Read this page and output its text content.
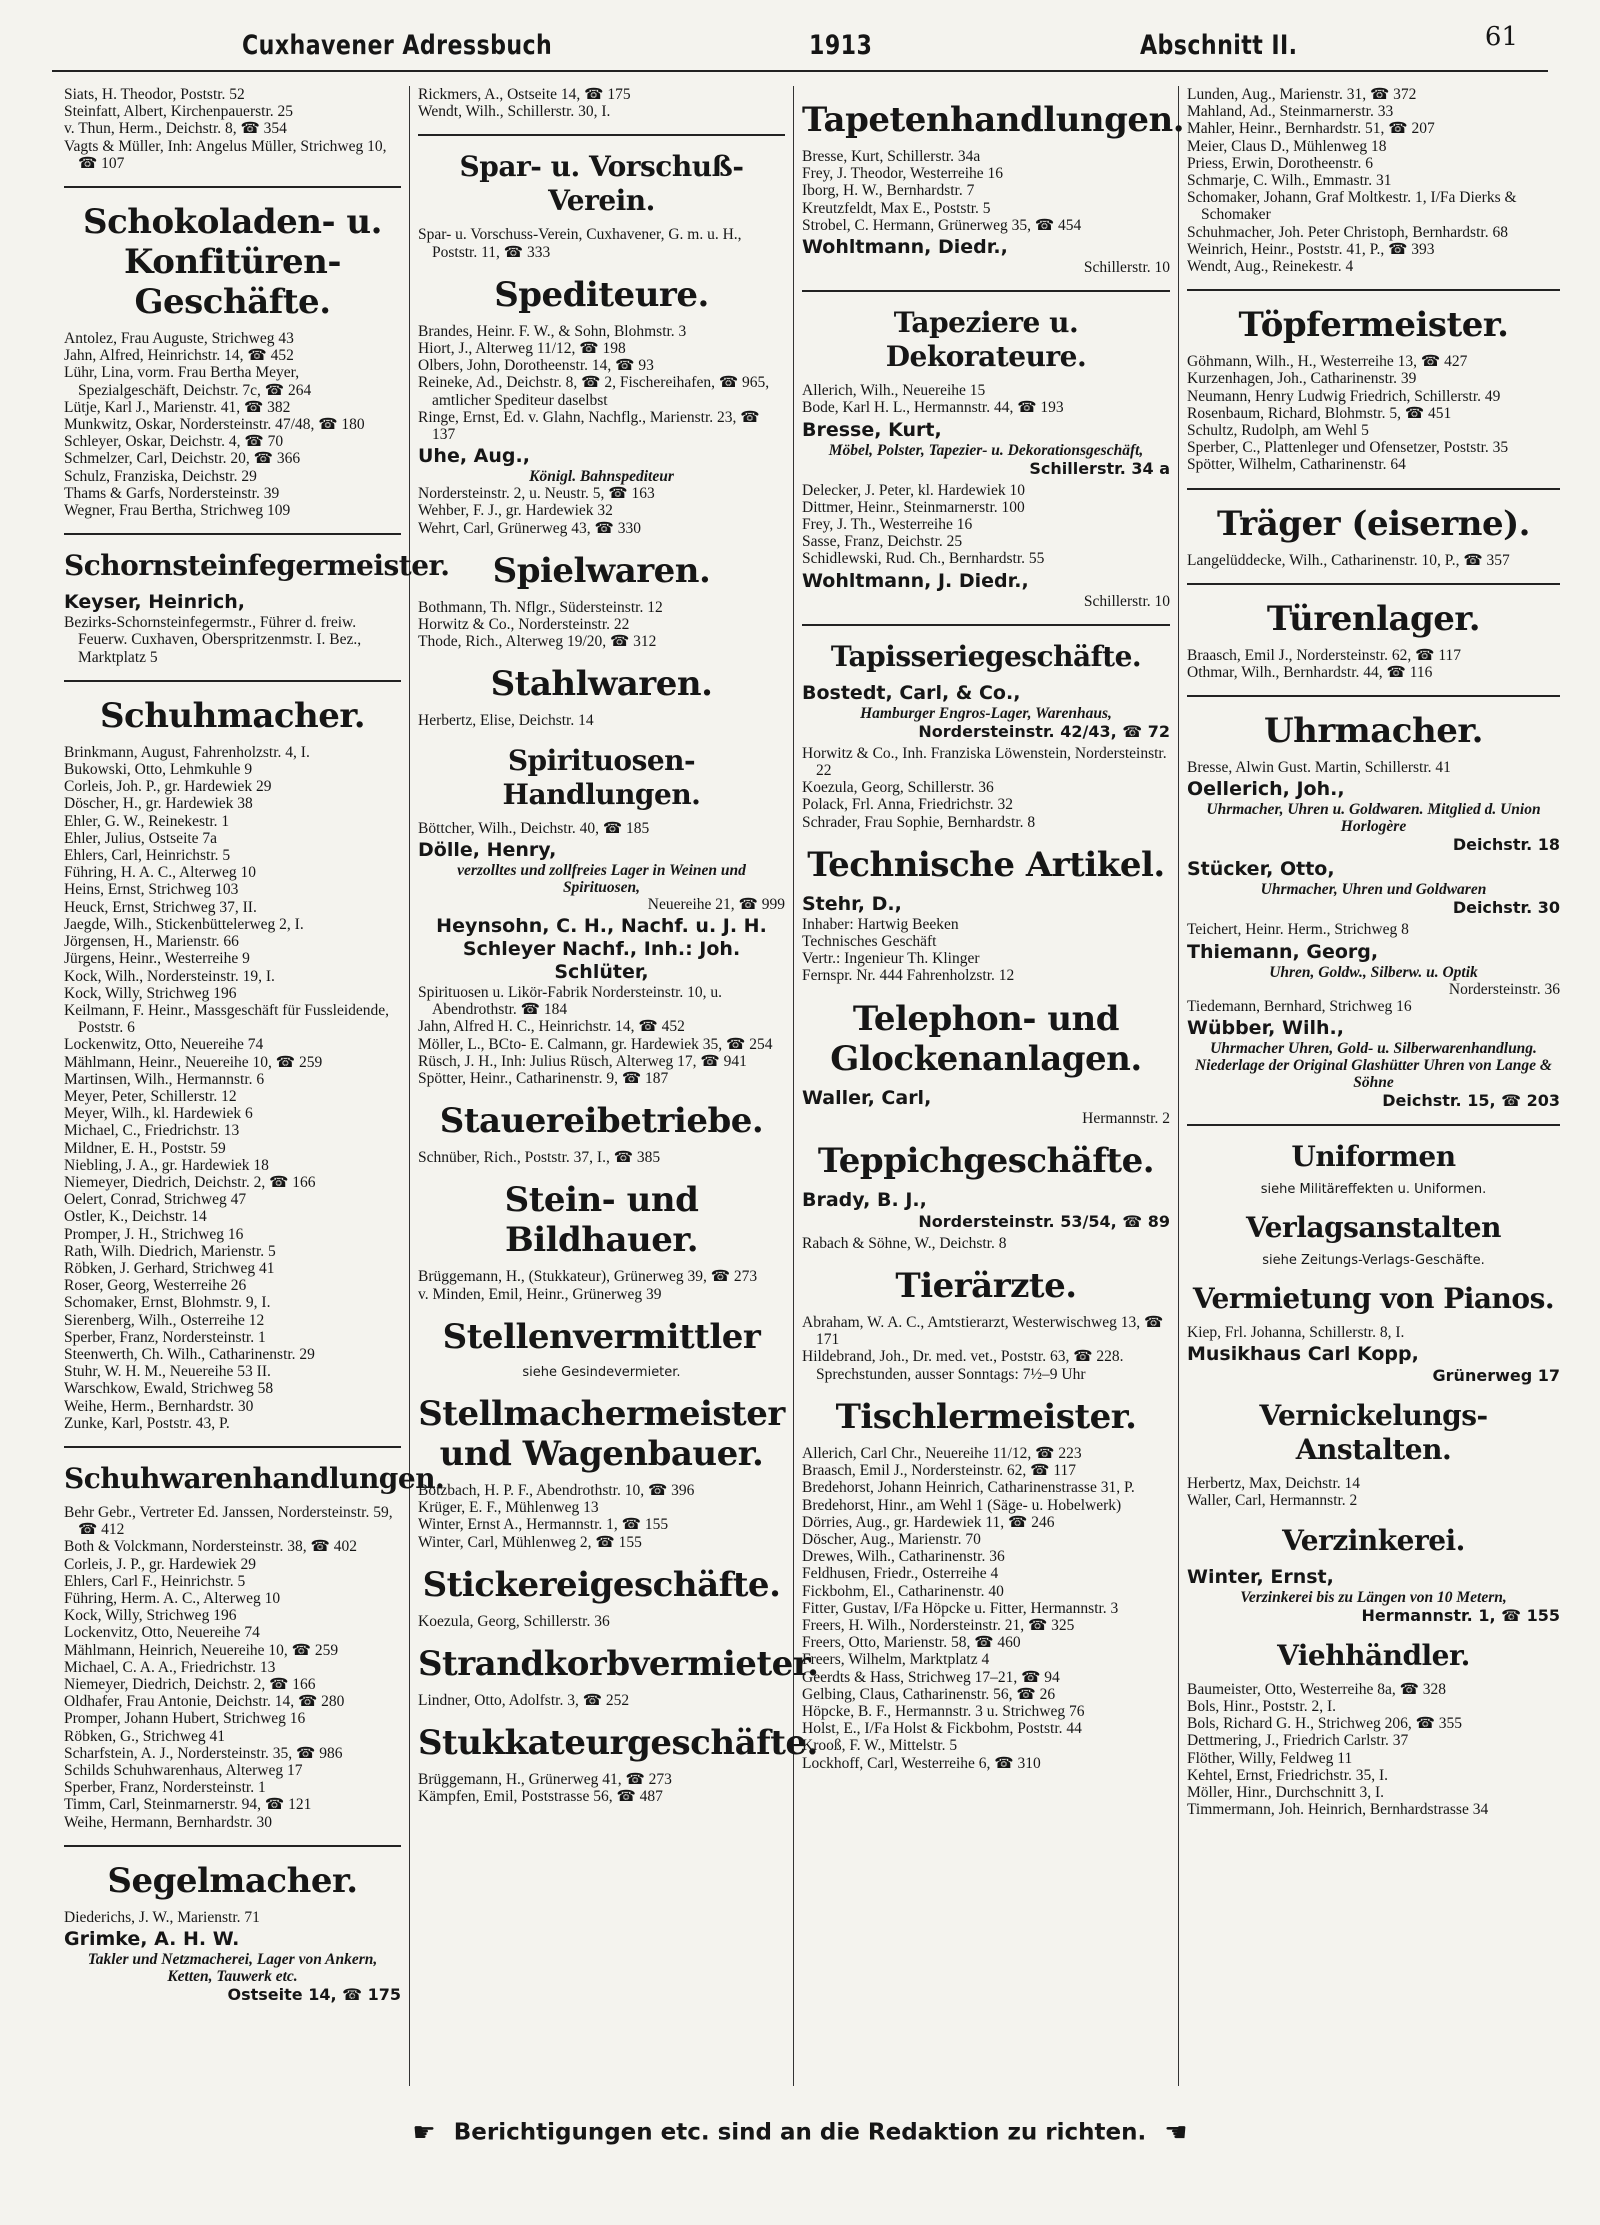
Cuxhavener Adressbuch	1913	Abschnitt II.	61

Siats, H. Theodor, Poststr. 52

Steinfatt, Albert, Kirchenpauerstr. 25

v. Thun, Herm., Deichstr. 8, ☎ 354

Vagts & Müller, Inh: Angelus Müller, Strichweg 10, ☎ 107

Schokoladen- u. Konfitüren-Geschäfte.

Antolez, Frau Auguste, Strichweg 43

Jahn, Alfred, Heinrichstr. 14, ☎ 452

Lühr, Lina, vorm. Frau Bertha Meyer, Spezialgeschäft, Deichstr. 7c, ☎ 264

Lütje, Karl J., Marienstr. 41, ☎ 382

Munkwitz, Oskar, Nordersteinstr. 47/48, ☎ 180

Schleyer, Oskar, Deichstr. 4, ☎ 70

Schmelzer, Carl, Deichstr. 20, ☎ 366

Schulz, Franziska, Deichstr. 29

Thams & Garfs, Nordersteinstr. 39

Wegner, Frau Bertha, Strichweg 109

Schornsteinfegermeister.

Keyser, Heinrich,

Bezirks-Schornsteinfegermstr., Führer d. freiw. Feuerw. Cuxhaven, Oberspritzenmstr. I. Bez., Marktplatz 5

Schuhmacher.

Brinkmann, August, Fahrenholzstr. 4, I.

Bukowski, Otto, Lehmkuhle 9

Corleis, Joh. P., gr. Hardewiek 29

Döscher, H., gr. Hardewiek 38

Ehler, G. W., Reinekestr. 1

Ehler, Julius, Ostseite 7a

Ehlers, Carl, Heinrichstr. 5

Führing, H. A. C., Alterweg 10

Heins, Ernst, Strichweg 103

Heuck, Ernst, Strichweg 37, II.

Jaegde, Wilh., Stickenbüttelerweg 2, I.

Jörgensen, H., Marienstr. 66

Jürgens, Heinr., Westerreihe 9

Kock, Wilh., Nordersteinstr. 19, I.

Kock, Willy, Strichweg 196

Keilmann, F. Heinr., Massgeschäft für Fussleidende, Poststr. 6

Lockenwitz, Otto, Neuereihe 74

Mählmann, Heinr., Neuereihe 10, ☎ 259

Martinsen, Wilh., Hermannstr. 6

Meyer, Peter, Schillerstr. 12

Meyer, Wilh., kl. Hardewiek 6

Michael, C., Friedrichstr. 13

Mildner, E. H., Poststr. 59

Niebling, J. A., gr. Hardewiek 18

Niemeyer, Diedrich, Deichstr. 2, ☎ 166

Oelert, Conrad, Strichweg 47

Ostler, K., Deichstr. 14

Promper, J. H., Strichweg 16

Rath, Wilh. Diedrich, Marienstr. 5

Röbken, J. Gerhard, Strichweg 41

Roser, Georg, Westerreihe 26

Schomaker, Ernst, Blohmstr. 9, I.

Sierenberg, Wilh., Osterreihe 12

Sperber, Franz, Nordersteinstr. 1

Steenwerth, Ch. Wilh., Catharinenstr. 29

Stuhr, W. H. M., Neuereihe 53 II.

Warschkow, Ewald, Strichweg 58

Weihe, Herm., Bernhardstr. 30

Zunke, Karl, Poststr. 43, P.

Schuhwarenhandlungen.

Behr Gebr., Vertreter Ed. Janssen, Nordersteinstr. 59, ☎ 412

Both & Volckmann, Nordersteinstr. 38, ☎ 402

Corleis, J. P., gr. Hardewiek 29

Ehlers, Carl F., Heinrichstr. 5

Führing, Herm. A. C., Alterweg 10

Kock, Willy, Strichweg 196

Lockenvitz, Otto, Neuereihe 74

Mählmann, Heinrich, Neuereihe 10, ☎ 259

Michael, C. A. A., Friedrichstr. 13

Niemeyer, Diedrich, Deichstr. 2, ☎ 166

Oldhafer, Frau Antonie, Deichstr. 14, ☎ 280

Promper, Johann Hubert, Strichweg 16

Röbken, G., Strichweg 41

Scharfstein, A. J., Nordersteinstr. 35, ☎ 986

Schilds Schuhwarenhaus, Alterweg 17

Sperber, Franz, Nordersteinstr. 1

Timm, Carl, Steinmarnerstr. 94, ☎ 121

Weihe, Hermann, Bernhardstr. 30

Segelmacher.

Diederichs, J. W., Marienstr. 71

Grimke, A. H. W.

Takler und Netzmacherei, Lager von Ankern, Ketten, Tauwerk etc.

Ostseite 14, ☎ 175

Rickmers, A., Ostseite 14, ☎ 175

Wendt, Wilh., Schillerstr. 30, I.

Spar- u. Vorschuß-Verein.

Spar- u. Vorschuss-Verein, Cuxhavener, G. m. u. H., Poststr. 11, ☎ 333

Spediteure.

Brandes, Heinr. F. W., & Sohn, Blohmstr. 3

Hiort, J., Alterweg 11/12, ☎ 198

Olbers, John, Dorotheenstr. 14, ☎ 93

Reineke, Ad., Deichstr. 8, ☎ 2, Fischereihafen, ☎ 965, amtlicher Spediteur daselbst

Ringe, Ernst, Ed. v. Glahn, Nachflg., Marienstr. 23, ☎ 137

Uhe, Aug.,

Königl. Bahnspediteur

Nordersteinstr. 2, u. Neustr. 5, ☎ 163

Wehber, F. J., gr. Hardewiek 32

Wehrt, Carl, Grünerweg 43, ☎ 330

Spielwaren.

Bothmann, Th. Nflgr., Südersteinstr. 12

Horwitz & Co., Nordersteinstr. 22

Thode, Rich., Alterweg 19/20, ☎ 312

Stahlwaren.

Herbertz, Elise, Deichstr. 14

Spirituosen-Handlungen.

Böttcher, Wilh., Deichstr. 40, ☎ 185

Dölle, Henry,

verzolltes und zollfreies Lager in Weinen und Spirituosen,

Neuereihe 21, ☎ 999

Heynsohn, C. H., Nachf. u. J. H. Schleyer Nachf., Inh.: Joh. Schlüter,

Spirituosen u. Likör-Fabrik Nordersteinstr. 10, u. Abendrothstr. ☎ 184

Jahn, Alfred H. C., Heinrichstr. 14, ☎ 452

Möller, L., BCto- E. Calmann, gr. Hardewiek 35, ☎ 254

Rüsch, J. H., Inh: Julius Rüsch, Alterweg 17, ☎ 941

Spötter, Heinr., Catharinenstr. 9, ☎ 187

Stauereibetriebe.

Schnüber, Rich., Poststr. 37, I., ☎ 385

Stein- und Bildhauer.

Brüggemann, H., (Stukkateur), Grünerweg 39, ☎ 273

v. Minden, Emil, Heinr., Grünerweg 39

Stellenvermittler

siehe Gesindevermieter.

Stellmachermeister und Wagenbauer.

Botzbach, H. P. F., Abendrothstr. 10, ☎ 396

Krüger, E. F., Mühlenweg 13

Winter, Ernst A., Hermannstr. 1, ☎ 155

Winter, Carl, Mühlenweg 2, ☎ 155

Stickereigeschäfte.

Koezula, Georg, Schillerstr. 36

Strandkorbvermieter.

Lindner, Otto, Adolfstr. 3, ☎ 252

Stukkateurgeschäfte.

Brüggemann, H., Grünerweg 41, ☎ 273

Kämpfen, Emil, Poststrasse 56, ☎ 487

Tapetenhandlungen.

Bresse, Kurt, Schillerstr. 34a

Frey, J. Theodor, Westerreihe 16

Iborg, H. W., Bernhardstr. 7

Kreutzfeldt, Max E., Poststr. 5

Strobel, C. Hermann, Grünerweg 35, ☎ 454

Wohltmann, Diedr.,

Schillerstr. 10

Tapeziere u. Dekorateure.

Allerich, Wilh., Neuereihe 15

Bode, Karl H. L., Hermannstr. 44, ☎ 193

Bresse, Kurt,

Möbel, Polster, Tapezier- u. Dekorationsgeschäft,

Schillerstr. 34 a

Delecker, J. Peter, kl. Hardewiek 10

Dittmer, Heinr., Steinmarnerstr. 100

Frey, J. Th., Westerreihe 16

Sasse, Franz, Deichstr. 25

Schidlewski, Rud. Ch., Bernhardstr. 55

Wohltmann, J. Diedr.,

Schillerstr. 10

Tapisseriegeschäfte.

Bostedt, Carl, & Co.,

Hamburger Engros-Lager, Warenhaus,

Nordersteinstr. 42/43, ☎ 72

Horwitz & Co., Inh. Franziska Löwenstein, Nordersteinstr. 22

Koezula, Georg, Schillerstr. 36

Polack, Frl. Anna, Friedrichstr. 32

Schrader, Frau Sophie, Bernhardstr. 8

Technische Artikel.

Stehr, D.,

Inhaber: Hartwig Beeken

Technisches Geschäft

Vertr.: Ingenieur Th. Klinger

Fernspr. Nr. 444 Fahrenholzstr. 12

Telephon- und Glockenanlagen.

Waller, Carl,

Hermannstr. 2

Teppichgeschäfte.

Brady, B. J.,

Nordersteinstr. 53/54, ☎ 89

Rabach & Söhne, W., Deichstr. 8

Tierärzte.

Abraham, W. A. C., Amtstierarzt, Westerwischweg 13, ☎ 171

Hildebrand, Joh., Dr. med. vet., Poststr. 63, ☎ 228. Sprechstunden, ausser Sonntags: 7½–9 Uhr

Tischlermeister.

Allerich, Carl Chr., Neuereihe 11/12, ☎ 223

Braasch, Emil J., Nordersteinstr. 62, ☎ 117

Bredehorst, Johann Heinrich, Catharinenstrasse 31, P.

Bredehorst, Hinr., am Wehl 1 (Säge- u. Hobelwerk)

Dörries, Aug., gr. Hardewiek 11, ☎ 246

Döscher, Aug., Marienstr. 70

Drewes, Wilh., Catharinenstr. 36

Feldhusen, Friedr., Osterreihe 4

Fickbohm, El., Catharinenstr. 40

Fitter, Gustav, I/Fa Höpcke u. Fitter, Hermannstr. 3

Freers, H. Wilh., Nordersteinstr. 21, ☎ 325

Freers, Otto, Marienstr. 58, ☎ 460

Freers, Wilhelm, Marktplatz 4

Geerdts & Hass, Strichweg 17–21, ☎ 94

Gelbing, Claus, Catharinenstr. 56, ☎ 26

Höpcke, B. F., Hermannstr. 3 u. Strichweg 76

Holst, E., I/Fa Holst & Fickbohm, Poststr. 44

Krooß, F. W., Mittelstr. 5

Lockhoff, Carl, Westerreihe 6, ☎ 310

Lunden, Aug., Marienstr. 31, ☎ 372

Mahland, Ad., Steinmarnerstr. 33

Mahler, Heinr., Bernhardstr. 51, ☎ 207

Meier, Claus D., Mühlenweg 18

Priess, Erwin, Dorotheenstr. 6

Schmarje, C. Wilh., Emmastr. 31

Schomaker, Johann, Graf Moltkestr. 1, I/Fa Dierks & Schomaker

Schuhmacher, Joh. Peter Christoph, Bernhardstr. 68

Weinrich, Heinr., Poststr. 41, P., ☎ 393

Wendt, Aug., Reinekestr. 4

Töpfermeister.

Göhmann, Wilh., H., Westerreihe 13, ☎ 427

Kurzenhagen, Joh., Catharinenstr. 39

Neumann, Henry Ludwig Friedrich, Schillerstr. 49

Rosenbaum, Richard, Blohmstr. 5, ☎ 451

Schultz, Rudolph, am Wehl 5

Sperber, C., Plattenleger und Ofensetzer, Poststr. 35

Spötter, Wilhelm, Catharinenstr. 64

Träger (eiserne).

Langelüddecke, Wilh., Catharinenstr. 10, P., ☎ 357

Türenlager.

Braasch, Emil J., Nordersteinstr. 62, ☎ 117

Othmar, Wilh., Bernhardstr. 44, ☎ 116

Uhrmacher.

Bresse, Alwin Gust. Martin, Schillerstr. 41

Oellerich, Joh.,

Uhrmacher, Uhren u. Goldwaren. Mitglied d. Union Horlogère

Deichstr. 18

Stücker, Otto,

Uhrmacher, Uhren und Goldwaren

Deichstr. 30

Teichert, Heinr. Herm., Strichweg 8

Thiemann, Georg,

Uhren, Goldw., Silberw. u. Optik

Nordersteinstr. 36

Tiedemann, Bernhard, Strichweg 16

Wübber, Wilh.,

Uhrmacher Uhren, Gold- u. Silberwarenhandlung. Niederlage der Original Glashütter Uhren von Lange & Söhne

Deichstr. 15, ☎ 203

Uniformen

siehe Militäreffekten u. Uniformen.

Verlagsanstalten

siehe Zeitungs-Verlags-Geschäfte.

Vermietung von Pianos.

Kiep, Frl. Johanna, Schillerstr. 8, I.

Musikhaus Carl Kopp,

Grünerweg 17

Vernickelungs-Anstalten.

Herbertz, Max, Deichstr. 14

Waller, Carl, Hermannstr. 2

Verzinkerei.

Winter, Ernst,

Verzinkerei bis zu Längen von 10 Metern,

Hermannstr. 1, ☎ 155

Viehhändler.

Baumeister, Otto, Westerreihe 8a, ☎ 328

Bols, Hinr., Poststr. 2, I.

Bols, Richard G. H., Strichweg 206, ☎ 355

Dettmering, J., Friedrich Carlstr. 37

Flöther, Willy, Feldweg 11

Kehtel, Ernst, Friedrichstr. 35, I.

Möller, Hinr., Durchschnitt 3, I.

Timmermann, Joh. Heinrich, Bernhardstrasse 34

☛ Berichtigungen etc. sind an die Redaktion zu richten. ☚
